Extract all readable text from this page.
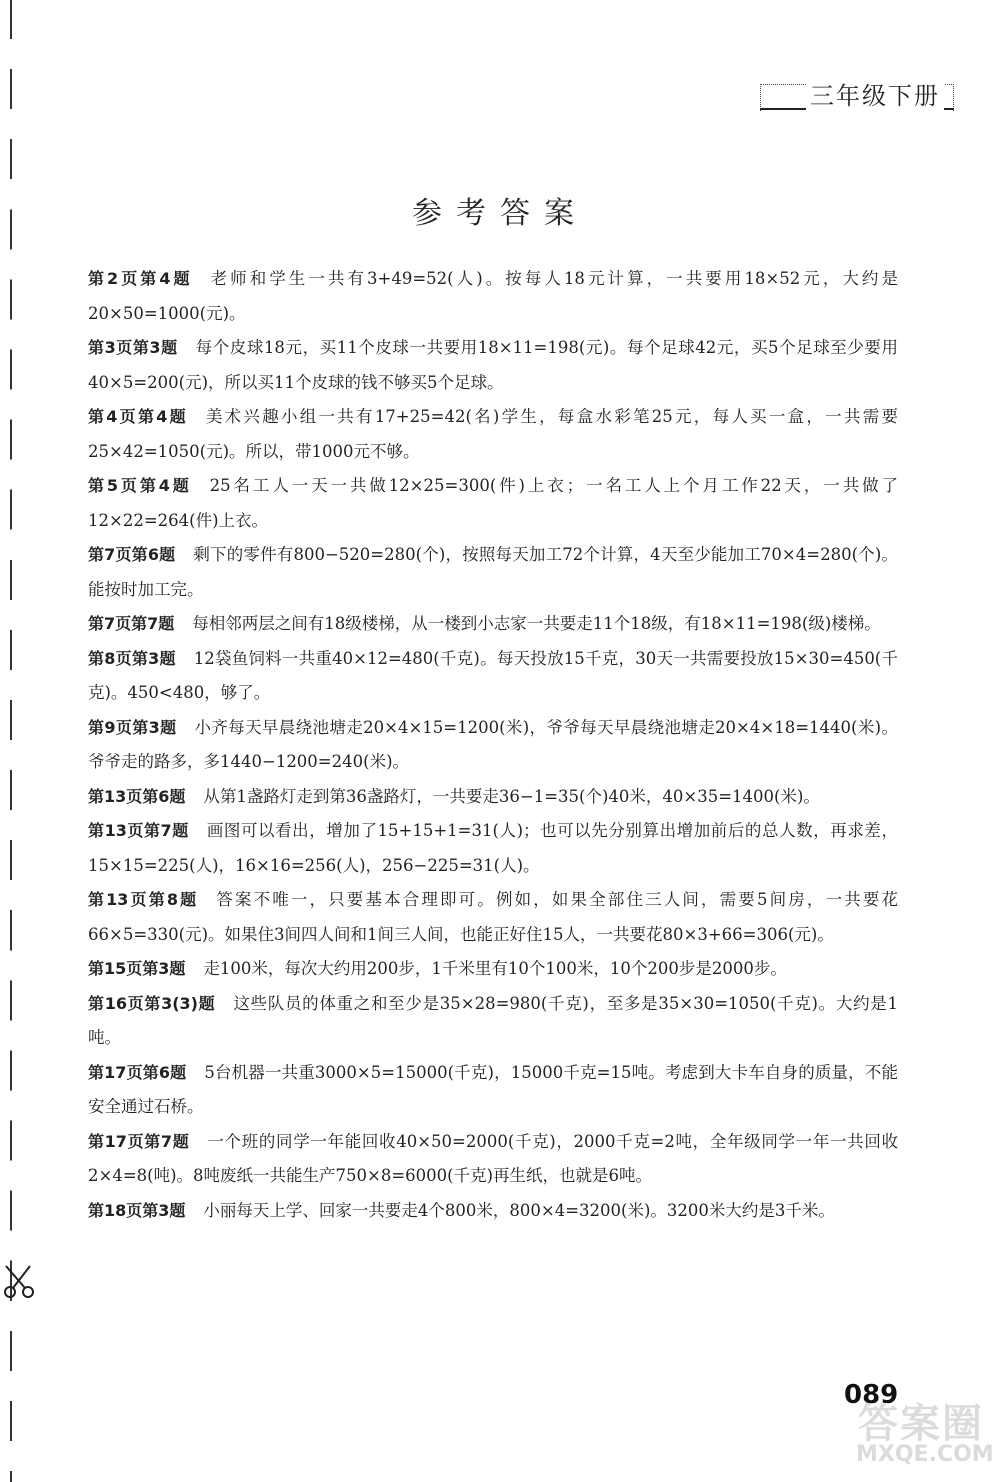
三年级下册
参考答案

第2页第4题 老师和学生一共有3+49=52(人)。按每人18元计算，一共要用18×52元，大约是20×50=1000(元)。

第3页第3题 每个皮球18元，买11个皮球一共要用18×11=198(元)。每个足球42元，买5个足球至少要用40×5=200(元)，所以买11个皮球的钱不够买5个足球。

第4页第4题 美术兴趣小组一共有17+25=42(名)学生，每盒水彩笔25元，每人买一盒，一共需要25×42=1050(元)。所以，带1000元不够。

第5页第4题 25名工人一天一共做12×25=300(件)上衣；一名工人上个月工作22天，一共做了12×22=264(件)上衣。

第7页第6题 剩下的零件有800−520=280(个)，按照每天加工72个计算，4天至少能加工70×4=280(个)。能按时加工完。

第7页第7题 每相邻两层之间有18级楼梯，从一楼到小志家一共要走11个18级，有18×11=198(级)楼梯。

第8页第3题 12袋鱼饲料一共重40×12=480(千克)。每天投放15千克，30天一共需要投放15×30=450(千克)。450<480，够了。

第9页第3题 小齐每天早晨绕池塘走20×4×15=1200(米)，爷爷每天早晨绕池塘走20×4×18=1440(米)。爷爷走的路多，多1440−1200=240(米)。

第13页第6题 从第1盏路灯走到第36盏路灯，一共要走36−1=35(个)40米，40×35=1400(米)。

第13页第7题 画图可以看出，增加了15+15+1=31(人)；也可以先分别算出增加前后的总人数，再求差，15×15=225(人)，16×16=256(人)，256−225=31(人)。

第13页第8题 答案不唯一，只要基本合理即可。例如，如果全部住三人间，需要5间房，一共要花66×5=330(元)。如果住3间四人间和1间三人间，也能正好住15人，一共要花80×3+66=306(元)。

第15页第3题 走100米，每次大约用200步，1千米里有10个100米，10个200步是2000步。

第16页第3(3)题 这些队员的体重之和至少是35×28=980(千克)，至多是35×30=1050(千克)。大约是1吨。

第17页第6题 5台机器一共重3000×5=15000(千克)，15000千克=15吨。考虑到大卡车自身的质量，不能安全通过石桥。

第17页第7题 一个班的同学一年能回收40×50=2000(千克)，2000千克=2吨，全年级同学一年一共回收2×4=8(吨)。8吨废纸一共能生产750×8=6000(千克)再生纸，也就是6吨。

第18页第3题 小丽每天上学、回家一共要走4个800米，800×4=3200(米)。3200米大约是3千米。

089
答案圈
MXQE.COM
